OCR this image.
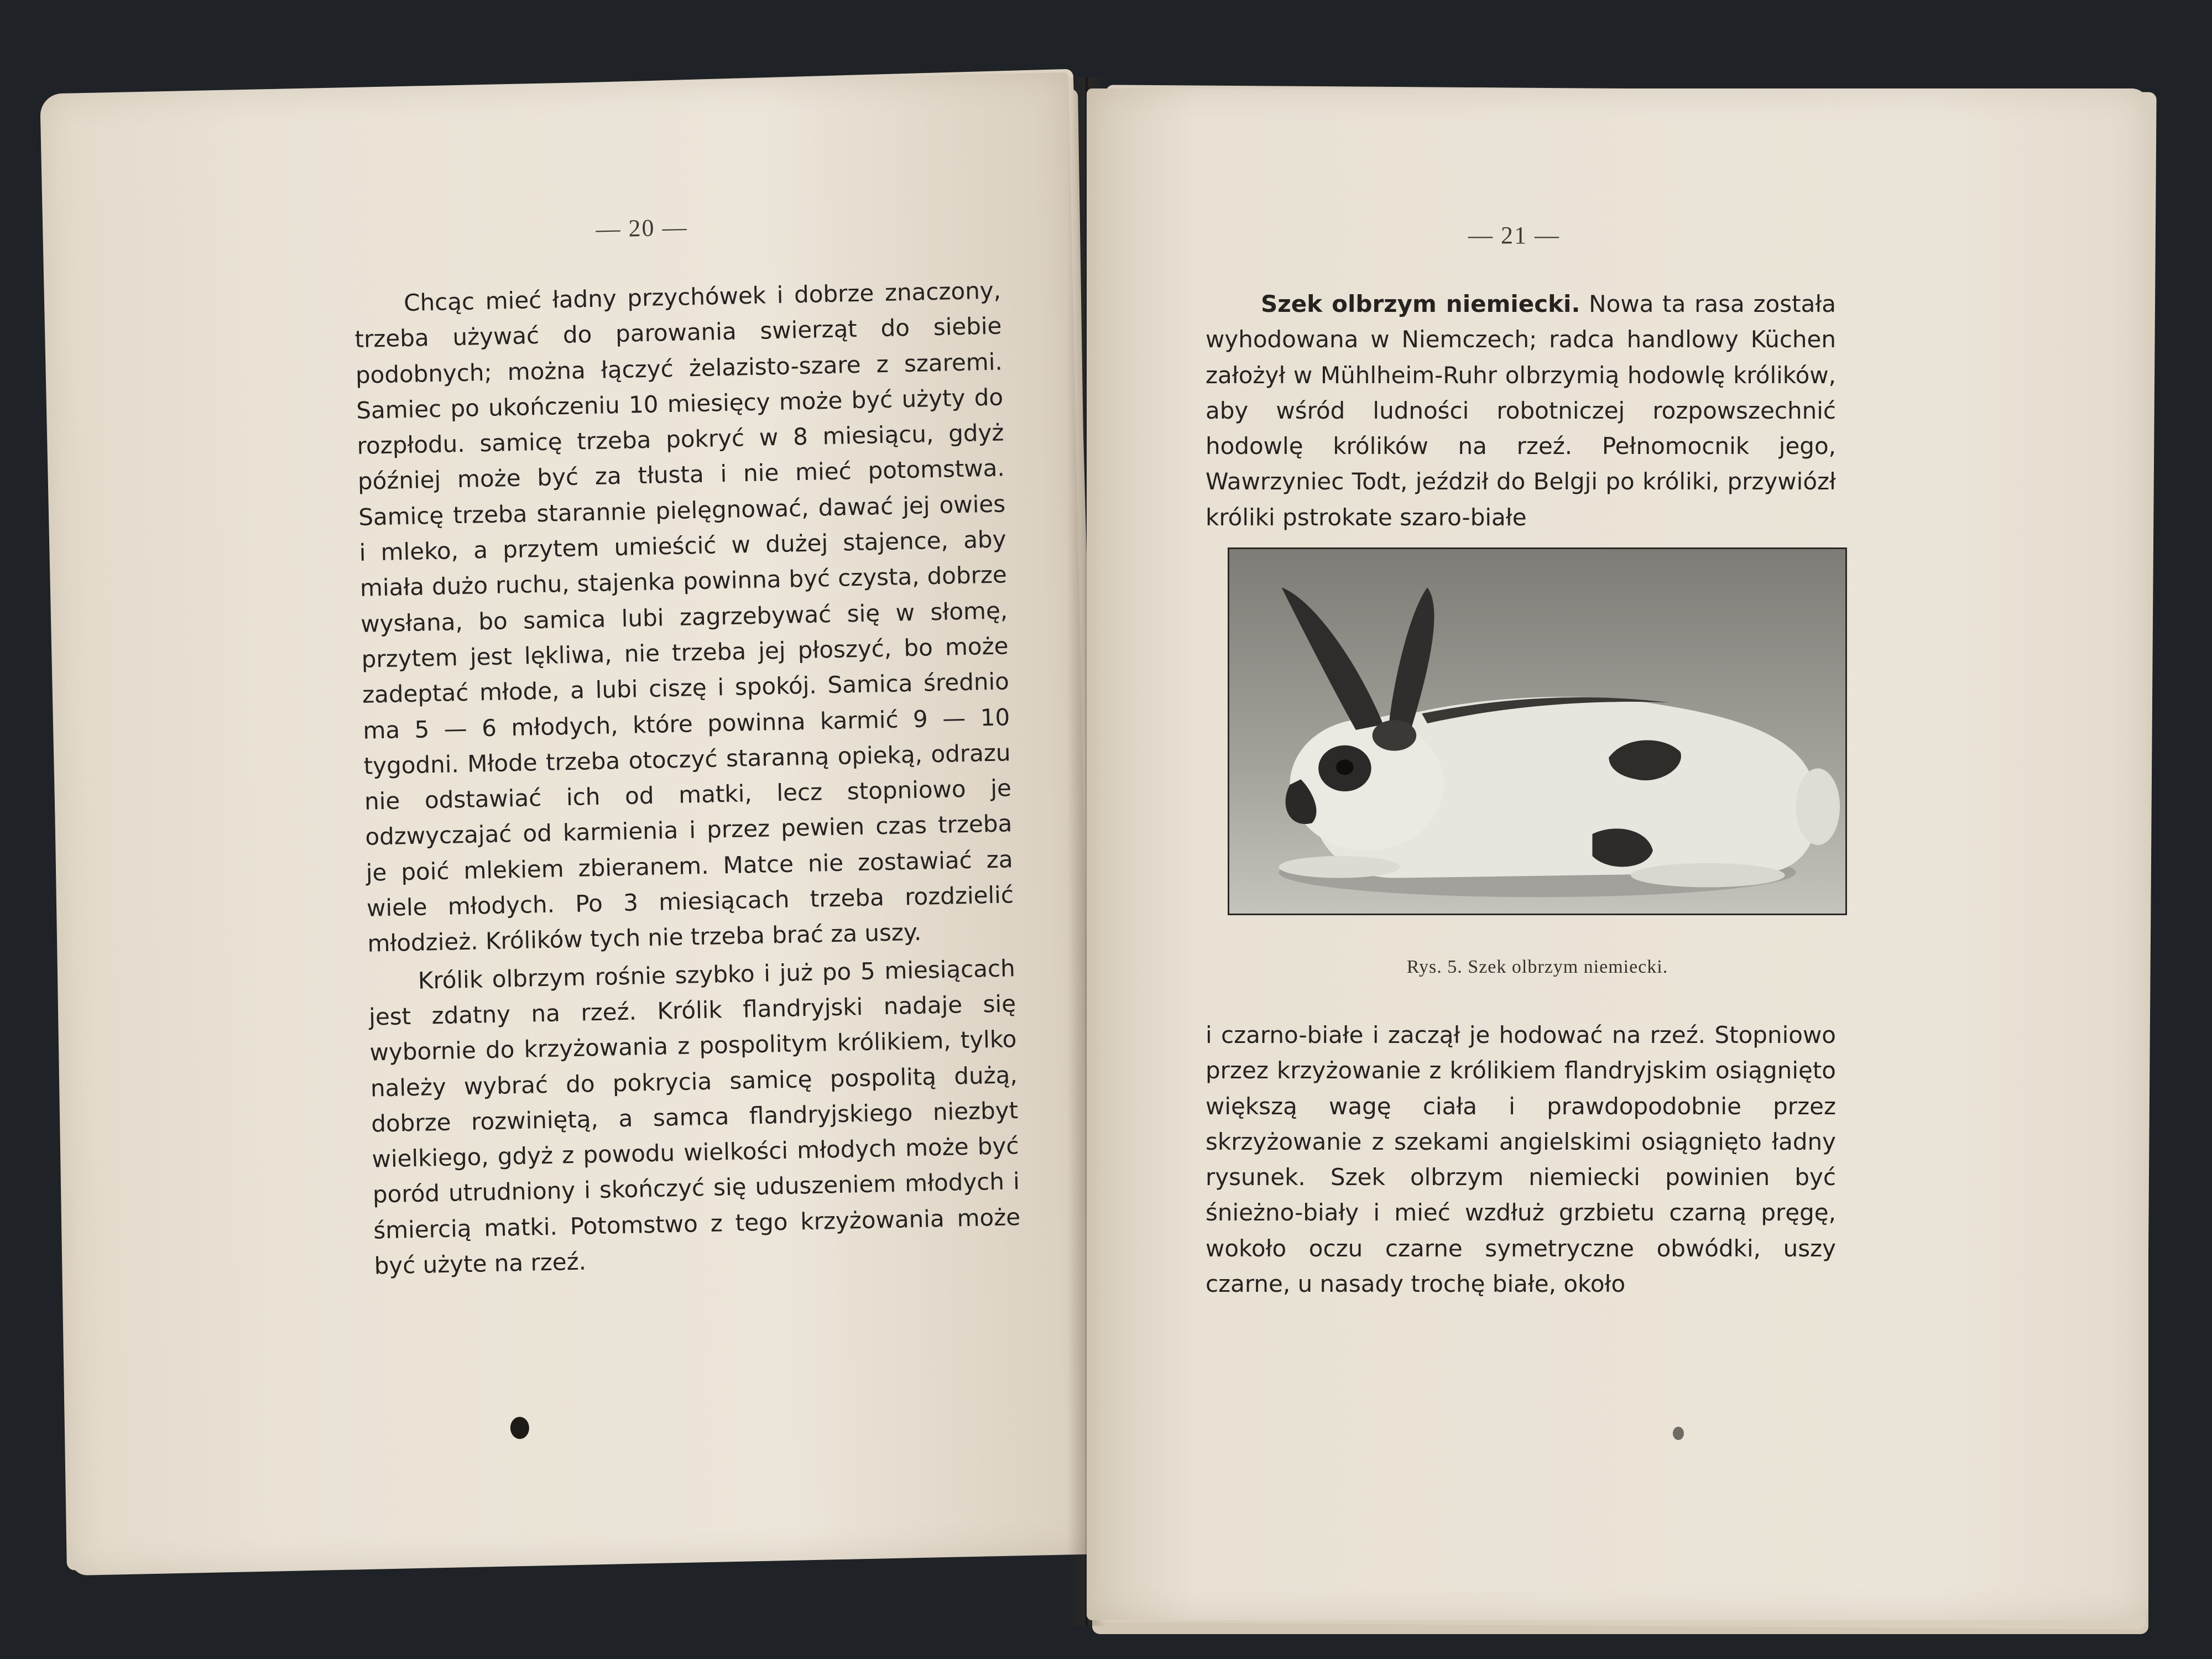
— 20 —

Chcąc mieć ładny przychówek i dobrze znaczony, trzeba używać do parowania swierząt do siebie podobnych; można łączyć żelazisto-szare z szaremi. Samiec po ukończeniu 10 miesięcy może być użyty do rozpłodu. samicę trzeba pokryć w 8 miesiącu, gdyż później może być za tłusta i nie mieć potomstwa. Samicę trzeba starannie pielęgnować, dawać jej owies i mleko, a przytem umieścić w dużej stajence, aby miała dużo ruchu, stajenka powinna być czysta, dobrze wysłana, bo samica lubi zagrzebywać się w słomę, przytem jest lękliwa, nie trzeba jej płoszyć, bo może zadeptać młode, a lubi ciszę i spokój. Samica średnio ma 5 — 6 młodych, które powinna karmić 9 — 10 tygodni. Młode trzeba otoczyć staranną opieką, odrazu nie odstawiać ich od matki, lecz stopniowo je odzwyczajać od karmienia i przez pewien czas trzeba je poić mlekiem zbieranem. Matce nie zostawiać za wiele młodych. Po 3 miesiącach trzeba rozdzielić młodzież. Królików tych nie trzeba brać za uszy.

Królik olbrzym rośnie szybko i już po 5 miesiącach jest zdatny na rzeź. Królik flandryjski nadaje się wybornie do krzyżowania z pospolitym królikiem, tylko należy wybrać do pokrycia samicę pospolitą dużą, dobrze rozwiniętą, a samca flandryjskiego niezbyt wielkiego, gdyż z powodu wielkości młodych może być poród utrudniony i skończyć się uduszeniem młodych i śmiercią matki. Potomstwo z tego krzyżowania może być użyte na rzeź.

— 21 —

Szek olbrzym niemiecki. Nowa ta rasa została wyhodowana w Niemczech; radca handlowy Küchen założył w Mühlheim-Ruhr olbrzymią hodowlę królików, aby wśród ludności robotniczej rozpowszechnić hodowlę królików na rzeź. Pełnomocnik jego, Wawrzyniec Todt, jeździł do Belgji po króliki, przywiózł króliki pstrokate szaro-białe

Rys. 5. Szek olbrzym niemiecki.

i czarno-białe i zaczął je hodować na rzeź. Stopniowo przez krzyżowanie z królikiem flandryjskim osiągnięto większą wagę ciała i prawdopodobnie przez skrzyżowanie z szekami angielskimi osiągnięto ładny rysunek. Szek olbrzym niemiecki powinien być śnieżno-biały i mieć wzdłuż grzbietu czarną pręgę, wokoło oczu czarne symetryczne obwódki, uszy czarne, u nasady trochę białe, około
